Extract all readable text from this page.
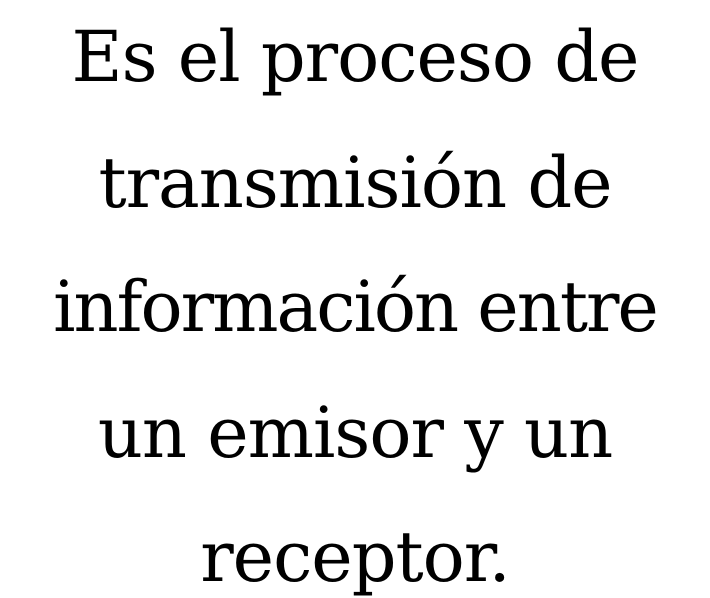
Es el proceso de
transmisión de
información entre
un emisor y un
receptor.
